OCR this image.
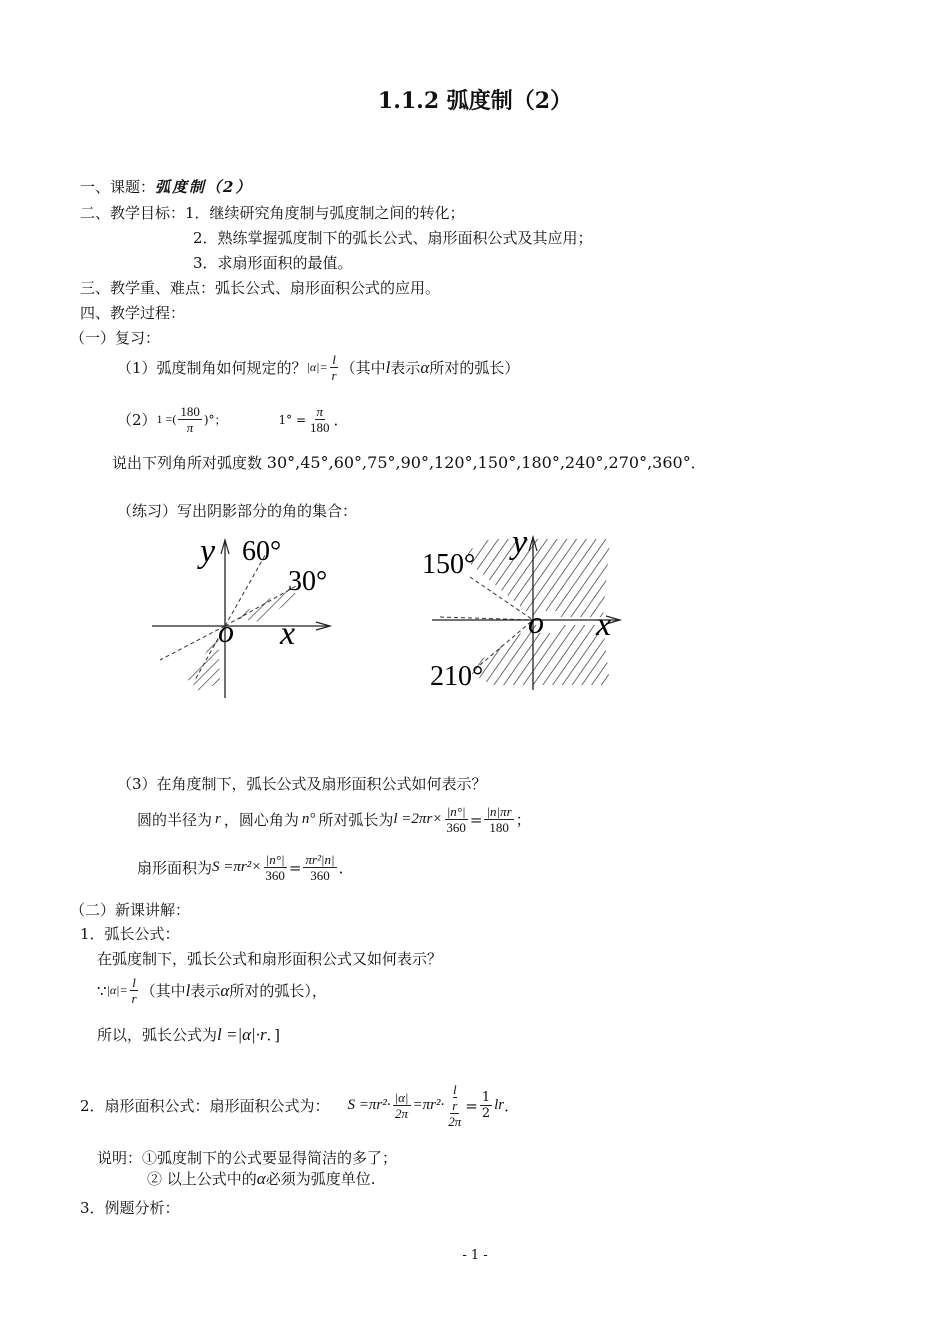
1.1.2 弧度制（2）
一、课题：弧度制（2）
二、教学目标：1．继续研究角度制与弧度制之间的转化；
2．熟练掌握弧度制下的弧长公式、扇形面积公式及其应用；
3．求扇形面积的最值。
三、教学重、难点：弧长公式、扇形面积公式的应用。
四、教学过程：
（一）复习：
（1）弧度制角如何规定的？ $|\alpha|= \frac{l}{r}$ （其中 l 表示 α 所对的弧长）
（2） 1 =( $\frac{180}{\pi}$ )°；	$1^\circ = \frac{\pi}{180}$ ．
说出下列角所对弧度数 30°,45°,60°,75°,90°,120°,150°,180°,240°,270°,360°．
（练习）写出阴影部分的角的集合：
y 60°
30°
o x
y
150°
210°
o x
（3）在角度制下，弧长公式及扇形面积公式如何表示？
圆的半径为 r ，圆心角为 n° 所对弧长为 $l =2\pi r\times \frac{|n^\circ|}{360} = \frac{|n|\pi r}{180}$ ；
扇形面积为 $S =\pi r^2\times \frac{|n^\circ|}{360} = \frac{\text{πr²|n|}}{360}$ ．
（二）新课讲解：
1．弧长公式：
在弧度制下，弧长公式和扇形面积公式又如何表示？
∵ $|\alpha|= \frac{l}{r}$ （其中 l 表示 α 所对的弧长），
所以，弧长公式为 l =|α|·r ．]
2．扇形面积公式：扇形面积公式为： $S =\pi r^2\cdot \frac{|\alpha|}{2\pi} =\pi r^2\cdot l$
r
$2\pi = \frac{1}{2}$ lr ．
说明：①弧度制下的公式要显得简洁的多了；
② 以上公式中的 α 必须为弧度单位.
3．例题分析：
- 1 -
